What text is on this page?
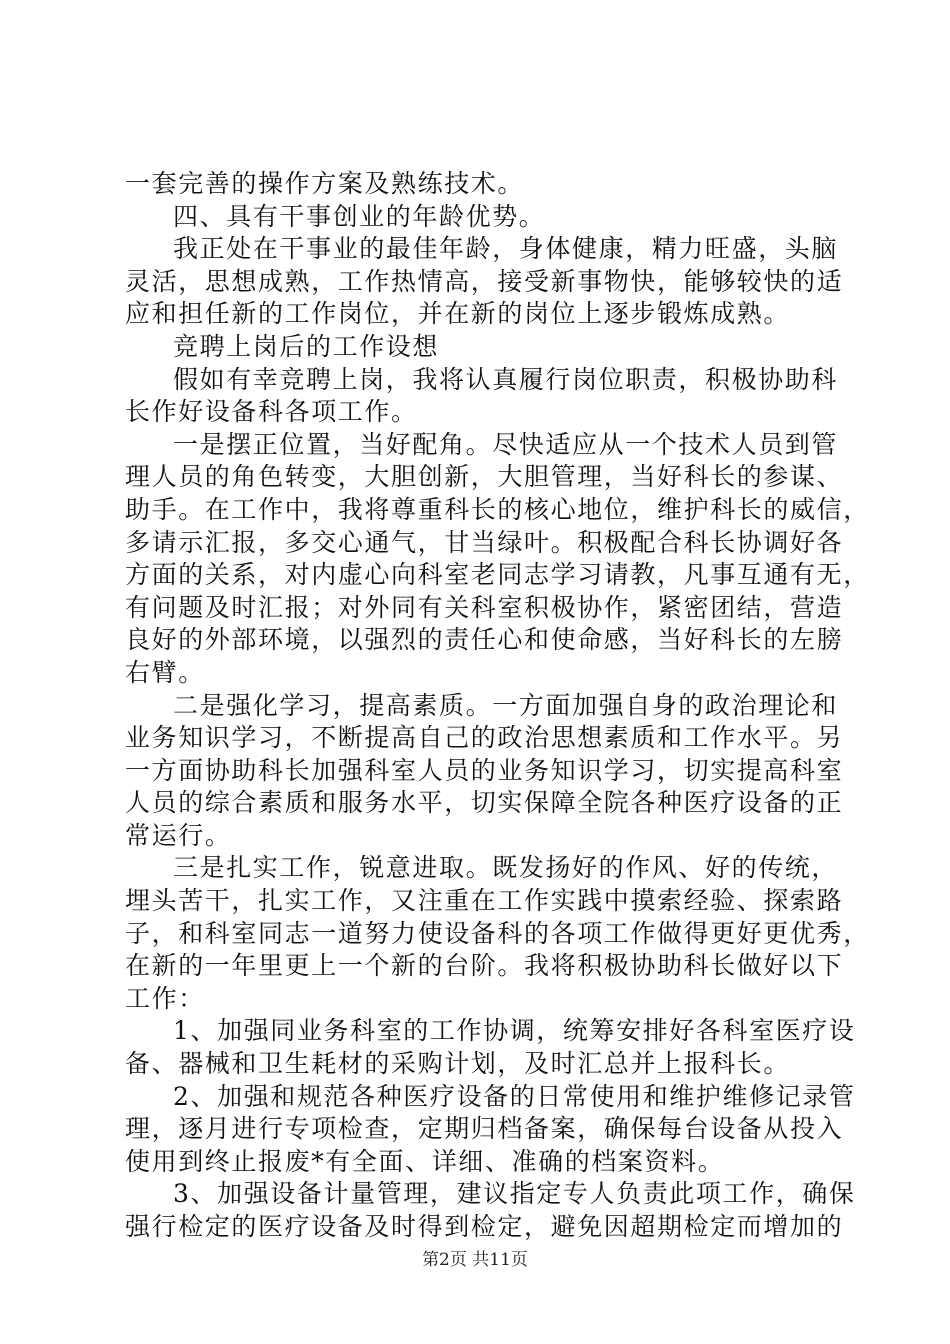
一套完善的操作方案及熟练技术。
四、具有干事创业的年龄优势。
我正处在干事业的最佳年龄，身体健康，精力旺盛，头脑
灵活，思想成熟，工作热情高，接受新事物快，能够较快的适
应和担任新的工作岗位，并在新的岗位上逐步锻炼成熟。
竞聘上岗后的工作设想
假如有幸竞聘上岗，我将认真履行岗位职责，积极协助科
长作好设备科各项工作。
一是摆正位置，当好配角。尽快适应从一个技术人员到管
理人员的角色转变，大胆创新，大胆管理，当好科长的参谋、
助手。在工作中，我将尊重科长的核心地位，维护科长的威信，
多请示汇报，多交心通气，甘当绿叶。积极配合科长协调好各
方面的关系，对内虚心向科室老同志学习请教，凡事互通有无，
有问题及时汇报；对外同有关科室积极协作，紧密团结，营造
良好的外部环境，以强烈的责任心和使命感，当好科长的左膀
右臂。
二是强化学习，提高素质。一方面加强自身的政治理论和
业务知识学习，不断提高自己的政治思想素质和工作水平。另
一方面协助科长加强科室人员的业务知识学习，切实提高科室
人员的综合素质和服务水平，切实保障全院各种医疗设备的正
常运行。
三是扎实工作，锐意进取。既发扬好的作风、好的传统，
埋头苦干，扎实工作，又注重在工作实践中摸索经验、探索路
子，和科室同志一道努力使设备科的各项工作做得更好更优秀，
在新的一年里更上一个新的台阶。我将积极协助科长做好以下
工作：
1、加强同业务科室的工作协调，统筹安排好各科室医疗设
备、器械和卫生耗材的采购计划，及时汇总并上报科长。
2、加强和规范各种医疗设备的日常使用和维护维修记录管
理，逐月进行专项检查，定期归档备案，确保每台设备从投入
使用到终止报废*有全面、详细、准确的档案资料。
3、加强设备计量管理，建议指定专人负责此项工作，确保
强行检定的医疗设备及时得到检定，避免因超期检定而增加的
第2页 共11页
